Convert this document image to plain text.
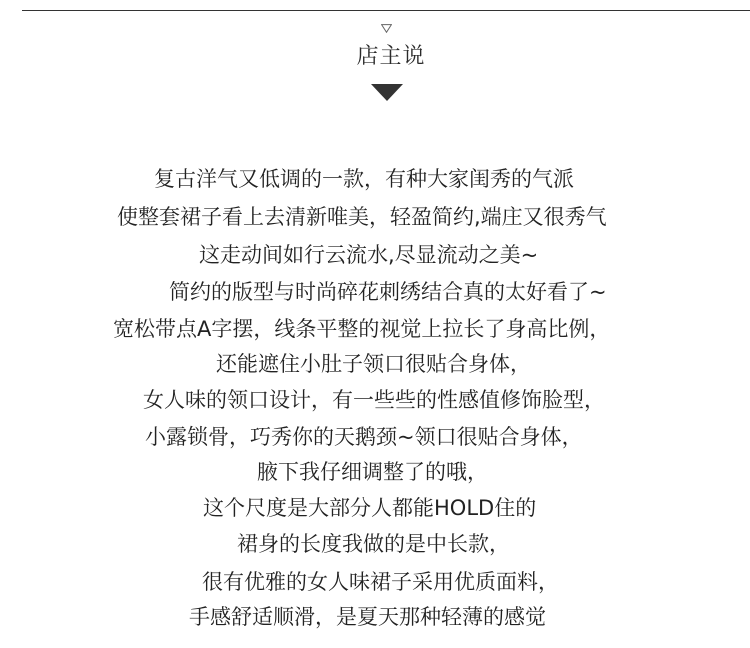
店主说
复古洋气又低调的一款，有种大家闺秀的气派
使整套裙子看上去清新唯美，轻盈简约,端庄又很秀气
这走动间如行云流水,尽显流动之美~
简约的版型与时尚碎花刺绣结合真的太好看了~
宽松带点A字摆，线条平整的视觉上拉长了身高比例，
还能遮住小肚子领口很贴合身体，
女人味的领口设计，有一些些的性感值修饰脸型，
小露锁骨，巧秀你的天鹅颈~领口很贴合身体，
腋下我仔细调整了的哦，
这个尺度是大部分人都能HOLD住的
裙身的长度我做的是中长款，
很有优雅的女人味裙子采用优质面料，
手感舒适顺滑，是夏天那种轻薄的感觉
